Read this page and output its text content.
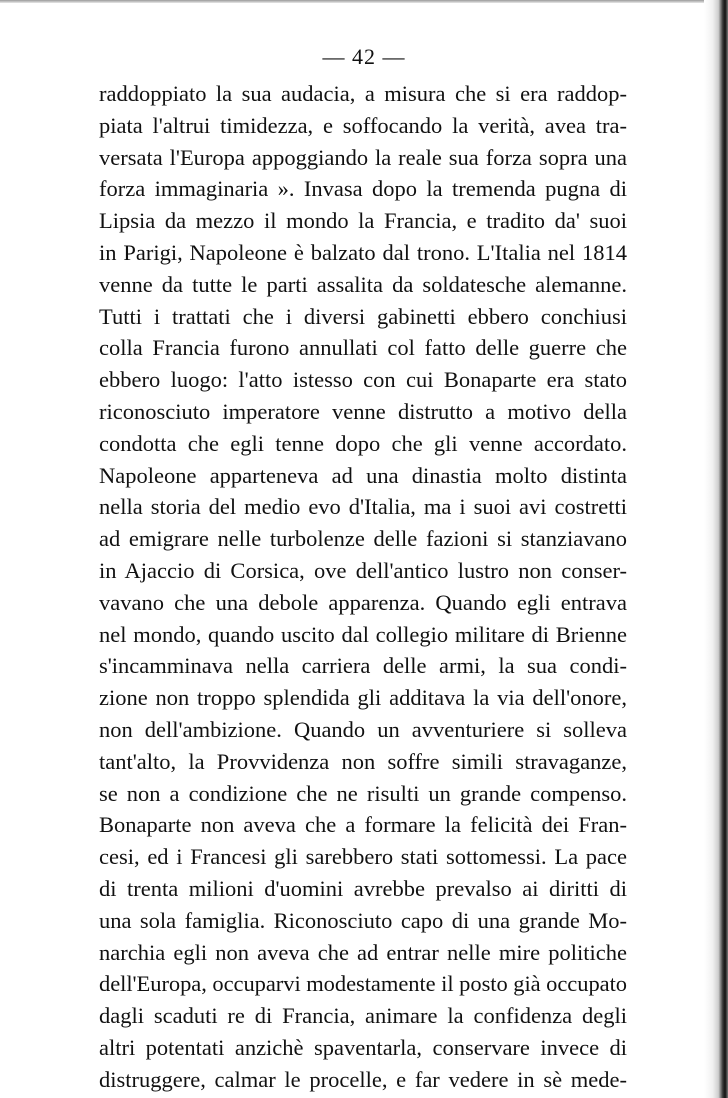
— 42 —
raddoppiato la sua audacia, a misura che si era raddop-
piata l'altrui timidezza, e soffocando la verità, avea tra-
versata l'Europa appoggiando la reale sua forza sopra una
forza immaginaria ». Invasa dopo la tremenda pugna di
Lipsia da mezzo il mondo la Francia, e tradito da' suoi
in Parigi, Napoleone è balzato dal trono. L'Italia nel 1814
venne da tutte le parti assalita da soldatesche alemanne.
Tutti i trattati che i diversi gabinetti ebbero conchiusi
colla Francia furono annullati col fatto delle guerre che
ebbero luogo: l'atto istesso con cui Bonaparte era stato
riconosciuto imperatore venne distrutto a motivo della
condotta che egli tenne dopo che gli venne accordato.
Napoleone apparteneva ad una dinastia molto distinta
nella storia del medio evo d'Italia, ma i suoi avi costretti
ad emigrare nelle turbolenze delle fazioni si stanziavano
in Ajaccio di Corsica, ove dell'antico lustro non conser-
vavano che una debole apparenza. Quando egli entrava
nel mondo, quando uscito dal collegio militare di Brienne
s'incamminava nella carriera delle armi, la sua condi-
zione non troppo splendida gli additava la via dell'onore,
non dell'ambizione. Quando un avventuriere si solleva
tant'alto, la Provvidenza non soffre simili stravaganze,
se non a condizione che ne risulti un grande compenso.
Bonaparte non aveva che a formare la felicità dei Fran-
cesi, ed i Francesi gli sarebbero stati sottomessi. La pace
di trenta milioni d'uomini avrebbe prevalso ai diritti di
una sola famiglia. Riconosciuto capo di una grande Mo-
narchia egli non aveva che ad entrar nelle mire politiche
dell'Europa, occuparvi modestamente il posto già occupato
dagli scaduti re di Francia, animare la confidenza degli
altri potentati anzichè spaventarla, conservare invece di
distruggere, calmar le procelle, e far vedere in sè mede-
